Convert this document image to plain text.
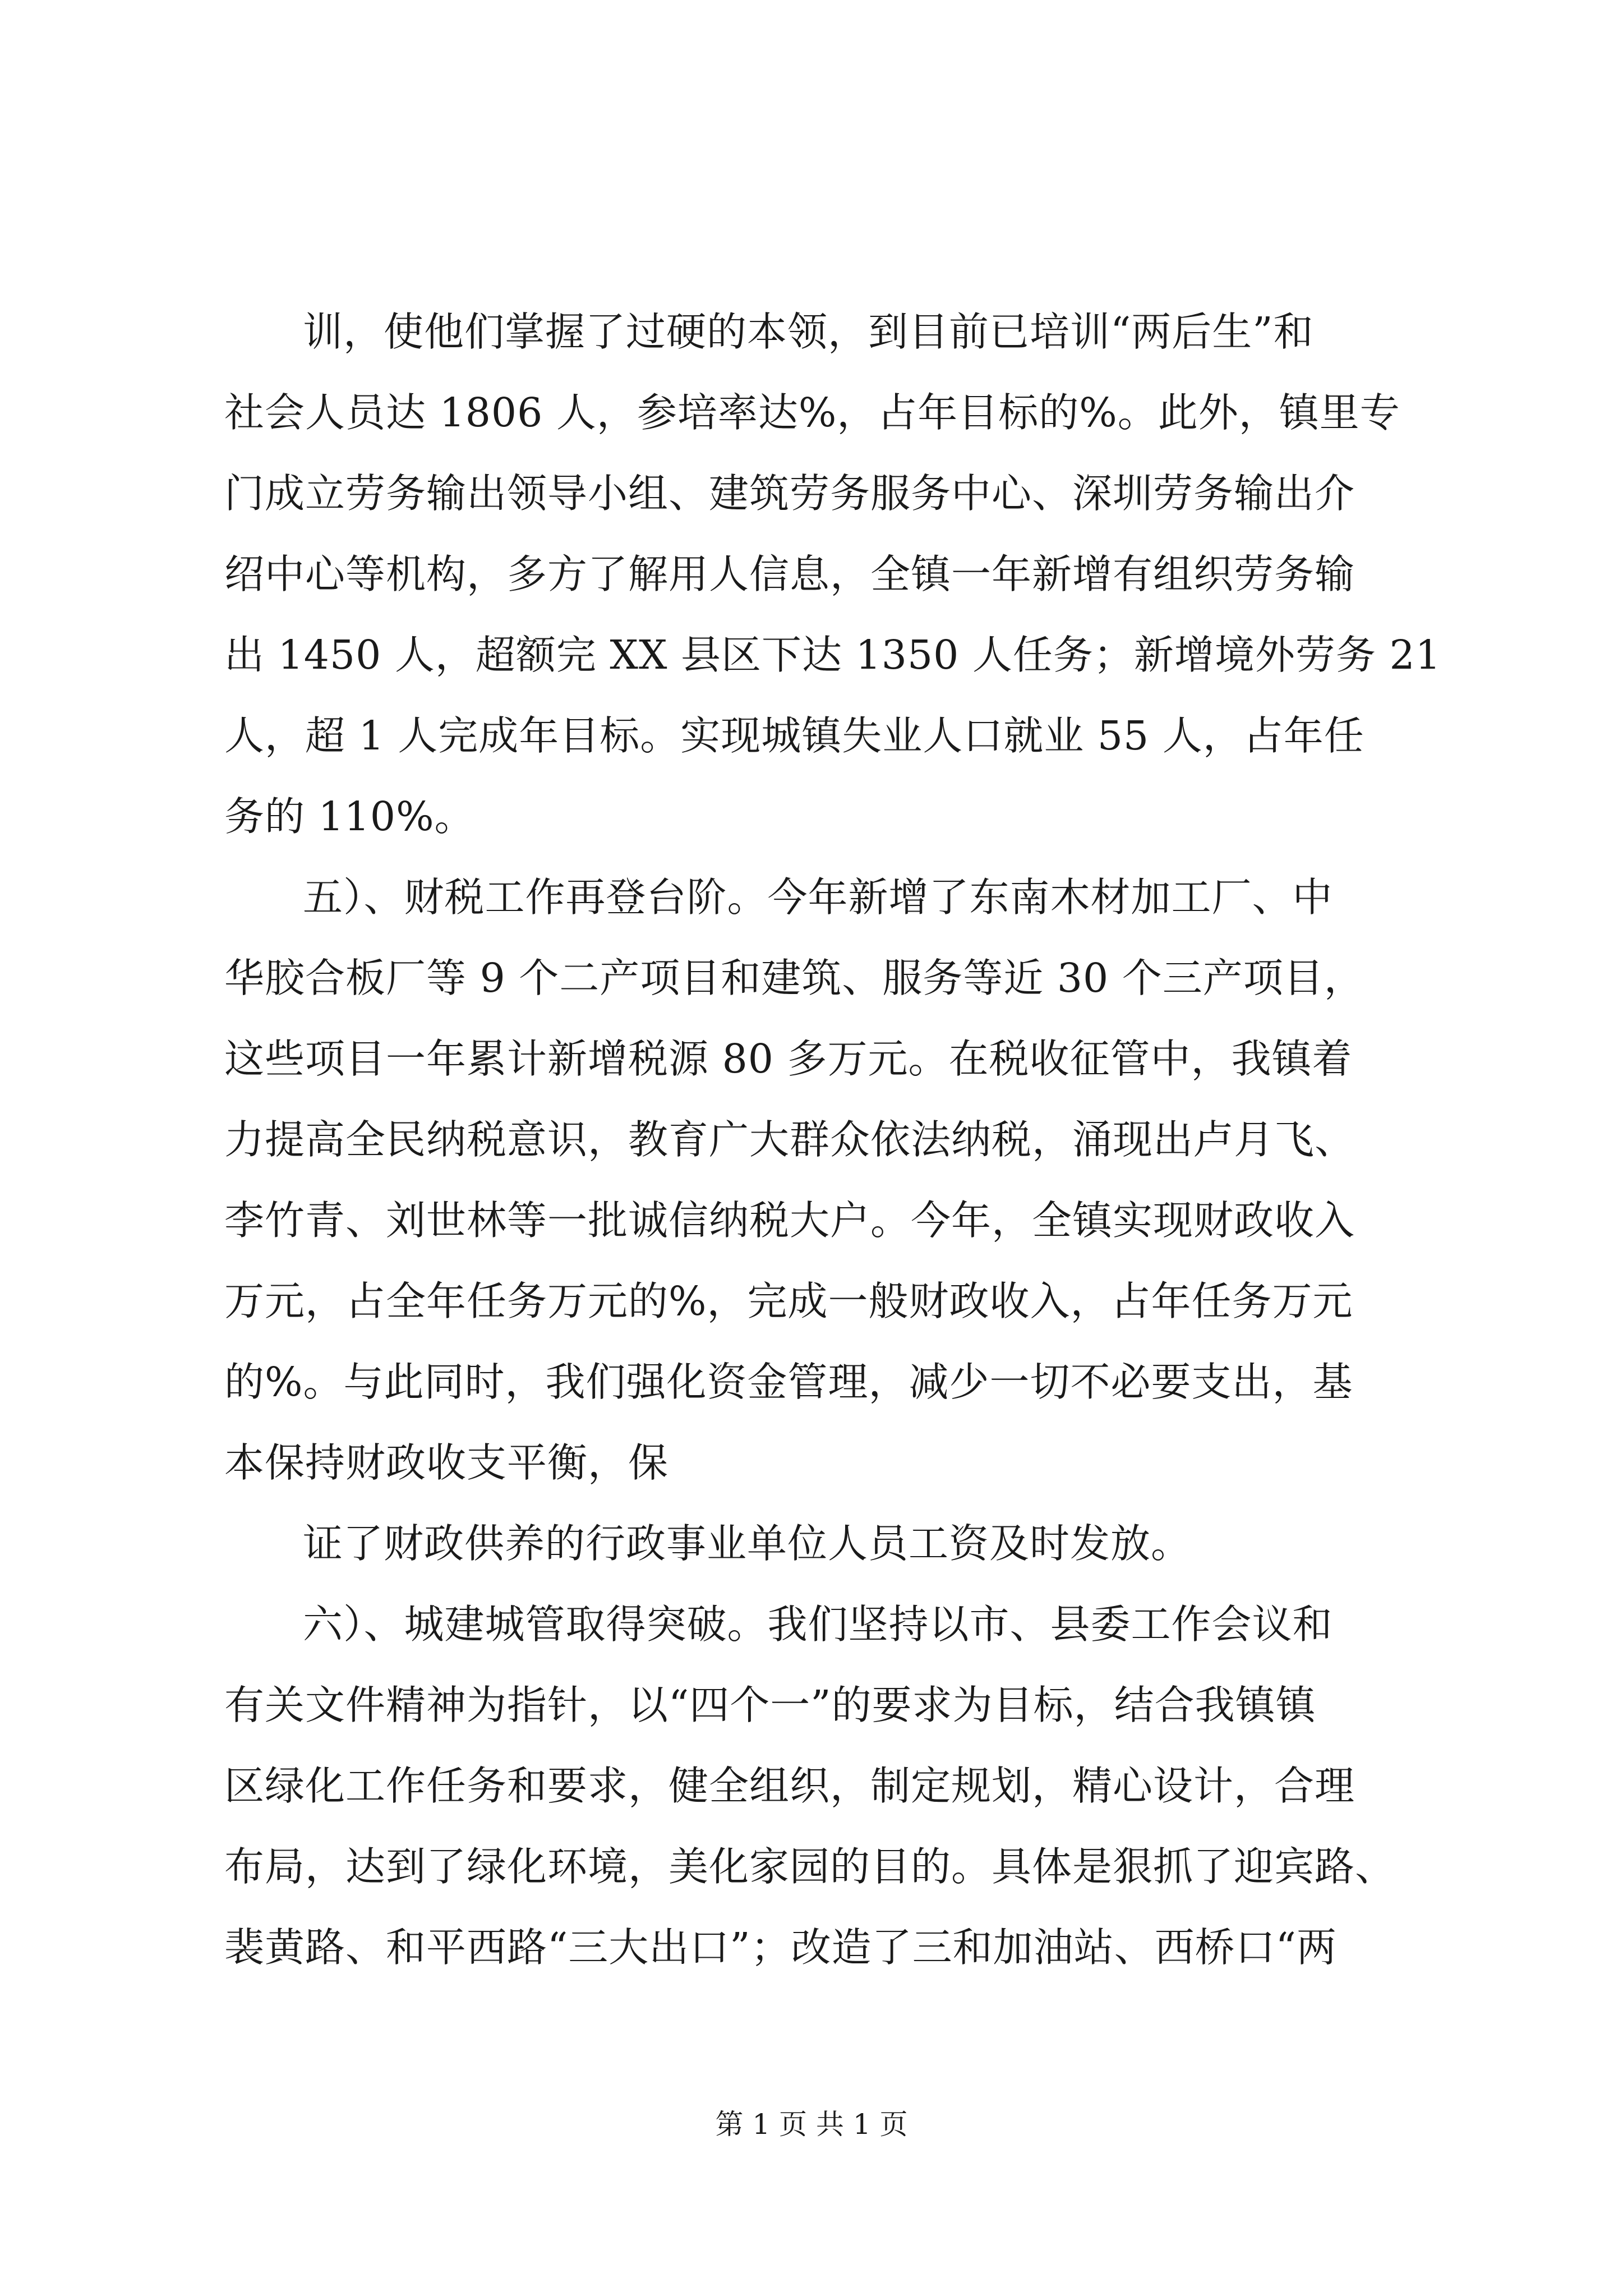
训，使他们掌握了过硬的本领，到目前已培训“两后生”和
社会人员达 1806 人，参培率达%，占年目标的%。此外，镇里专
门成立劳务输出领导小组、建筑劳务服务中心、深圳劳务输出介
绍中心等机构，多方了解用人信息，全镇一年新增有组织劳务输
出 1450 人，超额完 XX 县区下达 1350 人任务；新增境外劳务 21
人，超 1 人完成年目标。实现城镇失业人口就业 55 人，占年任
务的 110%。
五）、财税工作再登台阶。今年新增了东南木材加工厂、中
华胶合板厂等 9 个二产项目和建筑、服务等近 30 个三产项目，
这些项目一年累计新增税源 80 多万元。在税收征管中，我镇着
力提高全民纳税意识，教育广大群众依法纳税，涌现出卢月飞、
李竹青、刘世林等一批诚信纳税大户。今年，全镇实现财政收入
万元，占全年任务万元的%，完成一般财政收入，占年任务万元
的%。与此同时，我们强化资金管理，减少一切不必要支出，基
本保持财政收支平衡，保
证了财政供养的行政事业单位人员工资及时发放。
六）、城建城管取得突破。我们坚持以市、县委工作会议和
有关文件精神为指针，以“四个一”的要求为目标，结合我镇镇
区绿化工作任务和要求，健全组织，制定规划，精心设计，合理
布局，达到了绿化环境，美化家园的目的。具体是狠抓了迎宾路、
裴黄路、和平西路“三大出口”；改造了三和加油站、西桥口“两
第 1 页 共 1 页
